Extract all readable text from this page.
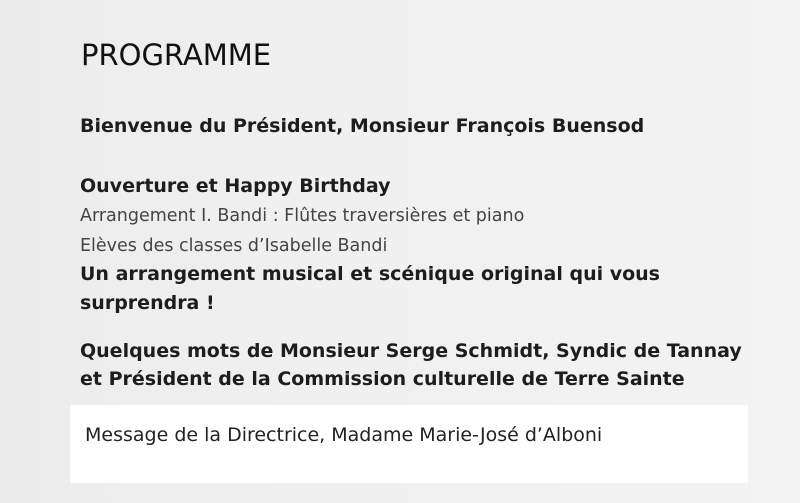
PROGRAMME

Bienvenue du Président, Monsieur François Buensod

Ouverture et Happy Birthday

Arrangement I. Bandi : Flûtes traversières et piano

Elèves des classes d’Isabelle Bandi

Un arrangement musical et scénique original qui vous

surprendra !

Quelques mots de Monsieur Serge Schmidt, Syndic de Tannay

et Président de la Commission culturelle de Terre Sainte

Message de la Directrice, Madame Marie-José d’Alboni
